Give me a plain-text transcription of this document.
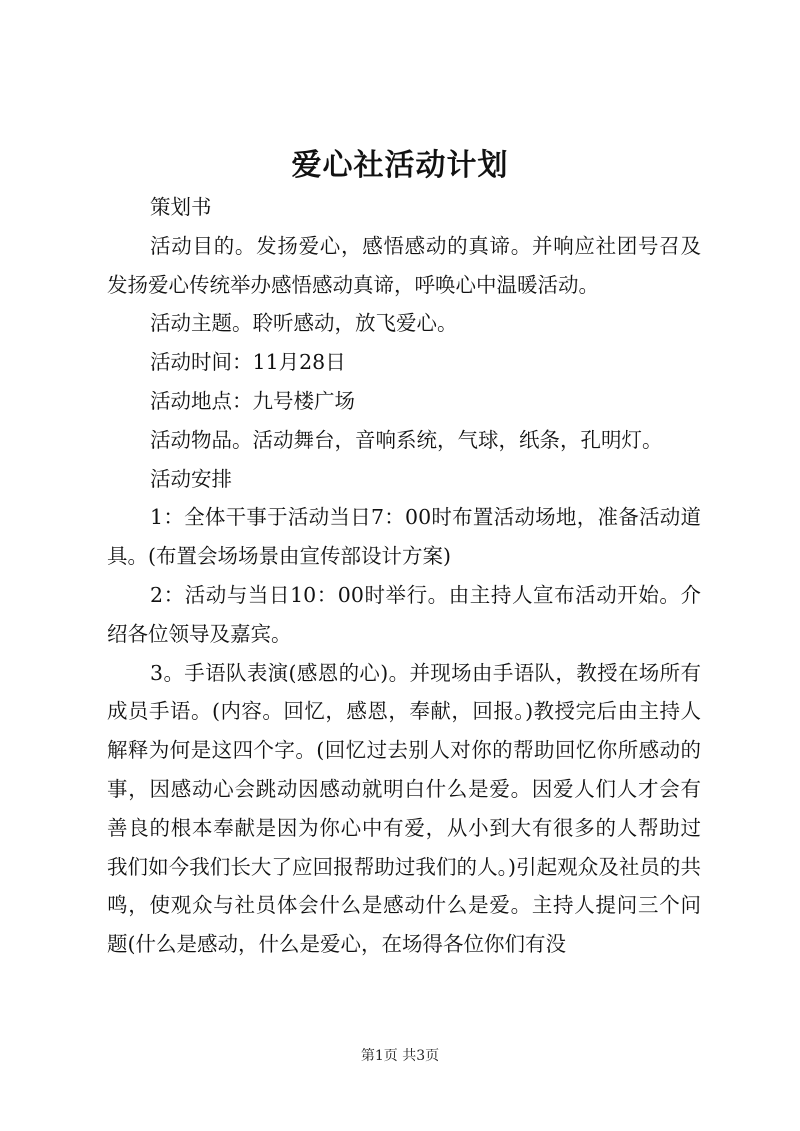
爱心社活动计划

策划书

活动目的。发扬爱心，感悟感动的真谛。并响应社团号召及发扬爱心传统举办感悟感动真谛，呼唤心中温暖活动。

活动主题。聆听感动，放飞爱心。

活动时间：11月28日

活动地点：九号楼广场

活动物品。活动舞台，音响系统，气球，纸条，孔明灯。

活动安排

1：全体干事于活动当日7：00时布置活动场地，准备活动道具。(布置会场场景由宣传部设计方案)

2：活动与当日10：00时举行。由主持人宣布活动开始。介绍各位领导及嘉宾。

3。手语队表演(感恩的心)。并现场由手语队，教授在场所有成员手语。(内容。回忆，感恩，奉献，回报。)教授完后由主持人解释为何是这四个字。(回忆过去别人对你的帮助回忆你所感动的事，因感动心会跳动因感动就明白什么是爱。因爱人们人才会有善良的根本奉献是因为你心中有爱，从小到大有很多的人帮助过我们如今我们长大了应回报帮助过我们的人。)引起观众及社员的共鸣，使观众与社员体会什么是感动什么是爱。主持人提问三个问题(什么是感动，什么是爱心，在场得各位你们有没

第1页 共3页
